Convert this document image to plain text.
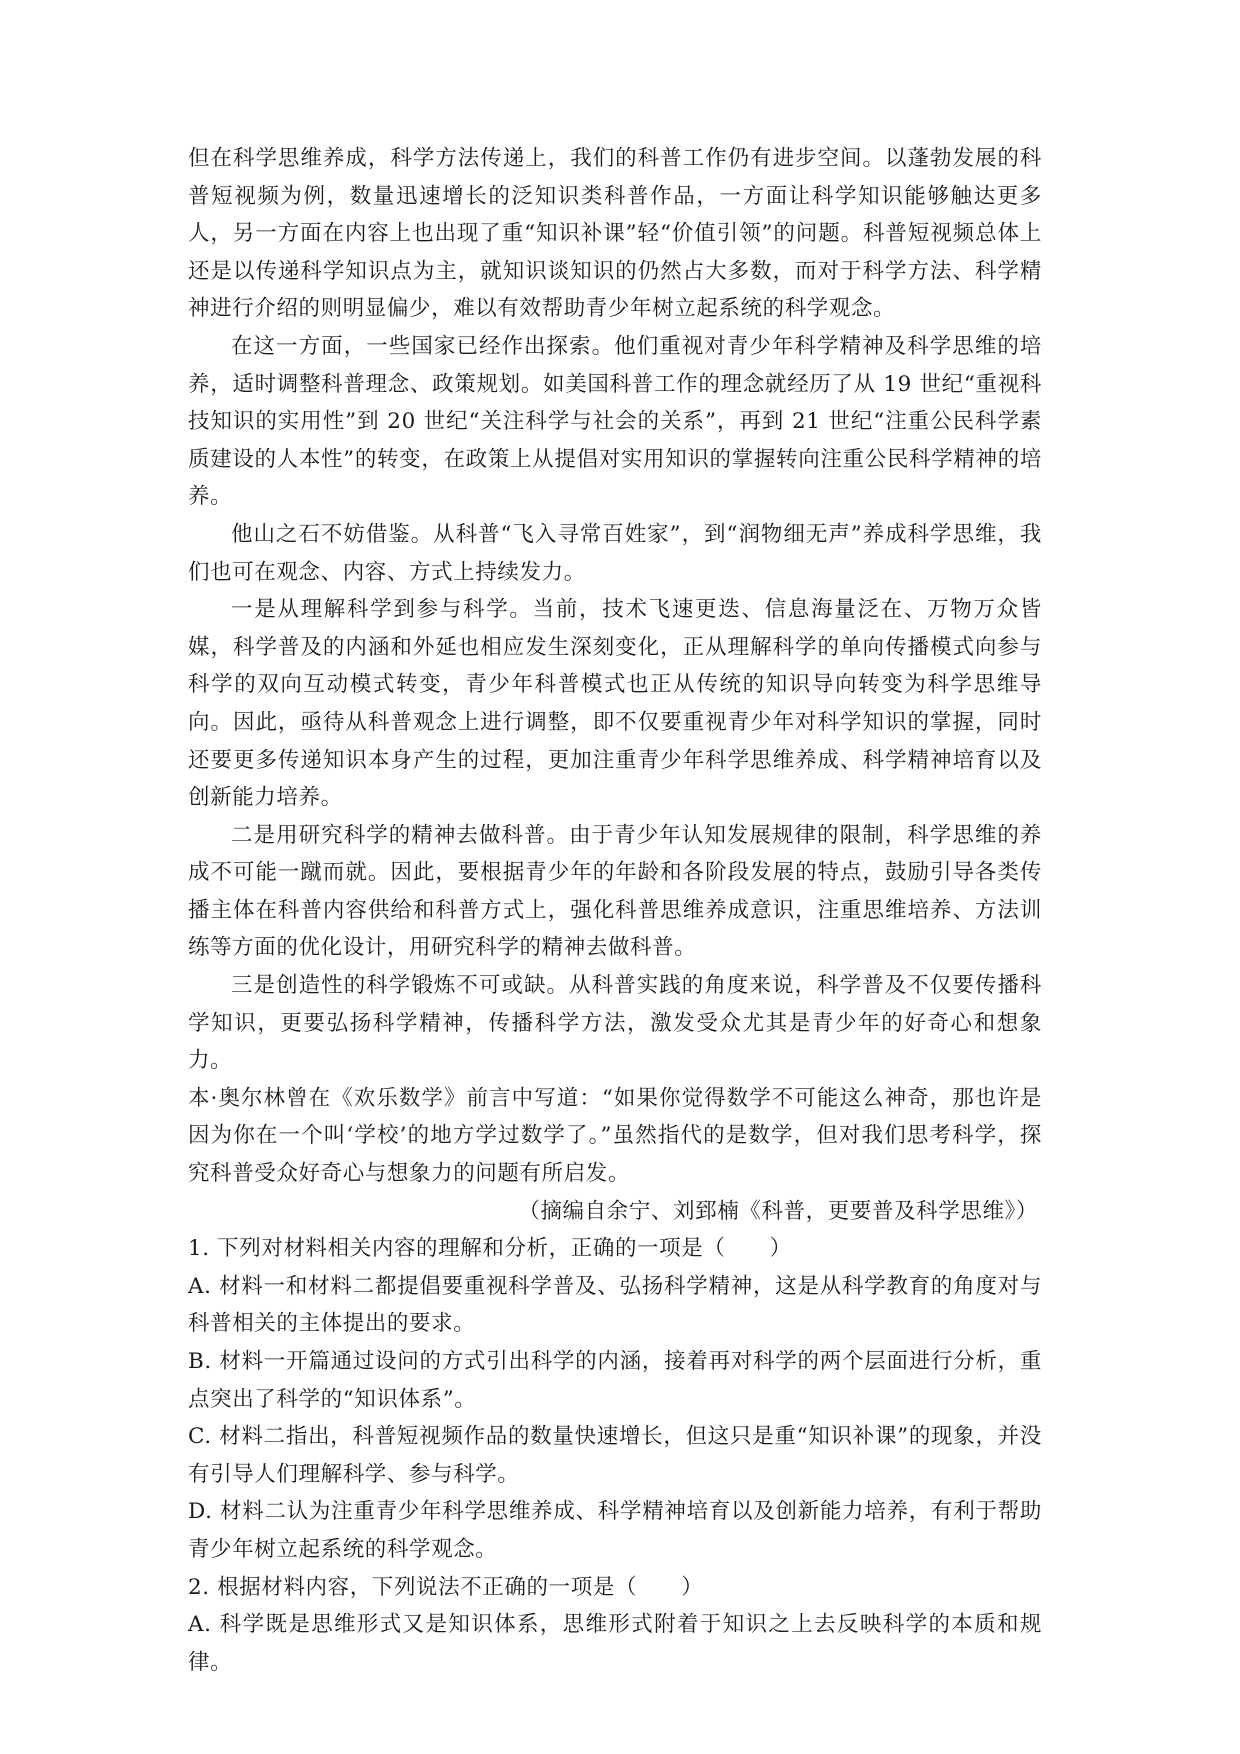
但在科学思维养成，科学方法传递上，我们的科普工作仍有进步空间。以蓬勃发展的科普短视频为例，数量迅速增长的泛知识类科普作品，一方面让科学知识能够触达更多人，另一方面在内容上也出现了重“知识补课”轻“价值引领”的问题。科普短视频总体上还是以传递科学知识点为主，就知识谈知识的仍然占大多数，而对于科学方法、科学精神进行介绍的则明显偏少，难以有效帮助青少年树立起系统的科学观念。

在这一方面，一些国家已经作出探索。他们重视对青少年科学精神及科学思维的培养，适时调整科普理念、政策规划。如美国科普工作的理念就经历了从 19 世纪“重视科技知识的实用性”到 20 世纪“关注科学与社会的关系”，再到 21 世纪“注重公民科学素质建设的人本性”的转变，在政策上从提倡对实用知识的掌握转向注重公民科学精神的培养。

他山之石不妨借鉴。从科普“飞入寻常百姓家”，到“润物细无声”养成科学思维，我们也可在观念、内容、方式上持续发力。

一是从理解科学到参与科学。当前，技术飞速更迭、信息海量泛在、万物万众皆媒，科学普及的内涵和外延也相应发生深刻变化，正从理解科学的单向传播模式向参与科学的双向互动模式转变，青少年科普模式也正从传统的知识导向转变为科学思维导向。因此，亟待从科普观念上进行调整，即不仅要重视青少年对科学知识的掌握，同时还要更多传递知识本身产生的过程，更加注重青少年科学思维养成、科学精神培育以及创新能力培养。

二是用研究科学的精神去做科普。由于青少年认知发展规律的限制，科学思维的养成不可能一蹴而就。因此，要根据青少年的年龄和各阶段发展的特点，鼓励引导各类传播主体在科普内容供给和科普方式上，强化科普思维养成意识，注重思维培养、方法训练等方面的优化设计，用研究科学的精神去做科普。

三是创造性的科学锻炼不可或缺。从科普实践的角度来说，科学普及不仅要传播科学知识，更要弘扬科学精神，传播科学方法，激发受众尤其是青少年的好奇心和想象力。

本·奥尔林曾在《欢乐数学》前言中写道：“如果你觉得数学不可能这么神奇，那也许是因为你在一个叫‘学校’的地方学过数学了。”虽然指代的是数学，但对我们思考科学，探究科普受众好奇心与想象力的问题有所启发。

（摘编自余宁、刘郅楠《科普，更要普及科学思维》）

1. 下列对材料相关内容的理解和分析，正确的一项是（　　）

A. 材料一和材料二都提倡要重视科学普及、弘扬科学精神，这是从科学教育的角度对与科普相关的主体提出的要求。

B. 材料一开篇通过设问的方式引出科学的内涵，接着再对科学的两个层面进行分析，重点突出了科学的“知识体系”。

C. 材料二指出，科普短视频作品的数量快速增长，但这只是重“知识补课”的现象，并没有引导人们理解科学、参与科学。

D. 材料二认为注重青少年科学思维养成、科学精神培育以及创新能力培养，有利于帮助青少年树立起系统的科学观念。

2. 根据材料内容，下列说法不正确的一项是（　　）

A. 科学既是思维形式又是知识体系，思维形式附着于知识之上去反映科学的本质和规律。
